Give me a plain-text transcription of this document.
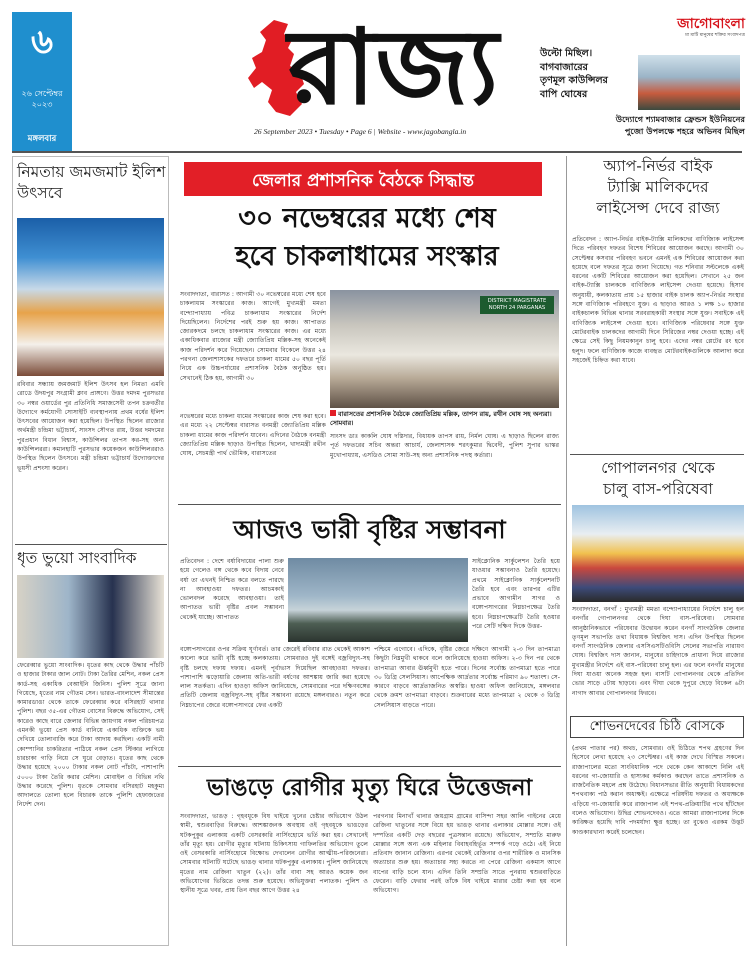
৬
২৬ সেপ্টেম্বর ২০২৩
মঙ্গলবার
রাজ্য
26 September 2023 • Tuesday • Page 6 | Website - www.jagobangla.in
জাগোবাংলা
মা মাটি মানুষের শক্তির সংবাদপত্র
উল্টো মিছিল।
বাগবাজারের
তৃণমূল কাউন্সিলর
বাপি ঘোষের
উদ্যোগে শ্যামবাজার ফ্রেন্ডস ইউনিয়নের
পুজো উপলক্ষে শহরে অভিনব মিছিল
নিমতায় জমজমাট ইলিশ উৎসবে
রবিবার সন্ধ্যায় জমজমাট ইলিশ উৎসব হল নিমতা এমবি রোডে উদয়পুর সংগ্রামী ক্লাব প্রাঙ্গণে। উত্তর দমদম পুরসভার ৩০ নম্বর ওয়ার্ডের পুর প্রতিনিধি সমাজসেবী তপন চক্রবর্তীর উদ্যোগে কর্মযোগী সোসাইটি ব্যবস্থাপনায় প্রথম বর্ষের ইলিশ উৎসবের আয়োজন করা হয়েছিল। উপস্থিত ছিলেন রাজ্যের অর্থমন্ত্রী চন্দ্রিমা ভট্টাচার্য, সাংসদ সৌগত রায়, উত্তর দমদমের পুরপ্রধান বিধান বিশ্বাস, কাউন্সিলর তাপস কর-সহ অন্য কাউন্সিলররা। কমানহাটি পুরসভার কয়েকজন কাউন্সিলররাও উপস্থিত ছিলেন উৎসবে। মন্ত্রী চন্দ্রিমা ভট্টাচার্য উদ্যোক্তাদের ভূয়সী প্রশংসা করেন।
ধৃত ভুয়ো সাংবাদিক
ফেরেব্বার ভুয়ো সাংবাদিক। ধৃতের কাছ থেকে উদ্ধার পাঁচটি ও হাজার টাকার জাল নোট। টাকা তৈরির মেশিন, নকল প্রেস কার্ড-সহ একাধিক বেআইনি জিনিস। পুলিশ সূত্রে জানা গিয়েছে, ধৃতের নাম গৌতম সেন। ভারত-বাংলাদেশ সীমান্তের কামারডাঙা থেকে তাকে ফেরেব্বার করে বসিরহাট থানার পুলিশ। বছর ৩৫-এর গৌতম বোসের বিরুদ্ধে অভিযোগ, সেই কারেও কাছে বারে জেলার বিভিন্ন জায়গায় নকল পরিচয়পত্র এমনকী ভুয়ো প্রেস কার্ড বানিয়ে একাধিক ব্যক্তিকে ভয় দেখিয়ে তোলাবাজি করে টাকা আদায় করছিল। একটি নামী কোম্পানির চাকরিতার পাঠিয়ে নকল প্রেস স্টিকার লাগিয়ে চারচাকা গাড়ি নিয়ে সে ঘুরে বেড়াত। ধৃতের কাছ থেকে উদ্ধার হয়েছে ২০০০ টাকার নকল নোট পাঁচটা, পাশাপাশি ৫০০০ টাকা তৈরি করার মেশিন। মোবাইল ও বিভিন্ন নথি উদ্ধার করেছে পুলিশ। ধৃতকে সোমবার বসিরহাট মহকুমা আদালতে তোলা হলে বিচারক তাকে পুলিশি হেফাজতের নির্দেশ দেন।
জেলার প্রশাসনিক বৈঠকে সিদ্ধান্ত
৩০ নভেম্বরের মধ্যে শেষ
হবে চাকলাধামের সংস্কার
সংবাদদাতা, বারাসত : আগামী ৩০ নভেম্বরের মধ্যে শেষ হবে চাকলাধাম সংস্কারের কাজ। আগেই মুখ্যমন্ত্রী মমতা বন্দ্যোপাধ্যায় পবিত্র চাকলাধাম সংস্কারের নির্দেশ দিয়েছিলেন। নির্দেশের পরই শুরু হয় কাজ। আপাতত জোরকদমে চলছে চাকলাধাম সংস্কারের কাজ। এর মধ্যে একাধিকবার রাজ্যের মন্ত্রী জ্যোতিপ্রিয় মল্লিক-সহ অনেকেই কাজ পরিদর্শন করে গিয়েছেন। সোমবার বিকেলে উত্তর ২৪ পরগনা জেলাশাসকের দফতরে চাকলা ধামের ৫০ বছর পূর্তি নিয়ে এক উচ্চপর্যায়ের প্রশাসনিক বৈঠক অনুষ্ঠিত হয়। সেখানেই ঠিক হয়, আগামী ৩০
DISTRICT MAGISTRATE NORTH 24 PARGANAS
বারাসতের প্রশাসনিক বৈঠকে জ্যোতিপ্রিয় মল্লিক, তাপস রায়, রথীন ঘোষ সহ অন্যরা। সোমবার।
নভেম্বরের মধ্যে চাকলা ধামের সংস্কারের কাজ শেষ করা হবে। এর মধ্যে ২২ সেপ্টেম্বর বারাসত বনমন্ত্রী জ্যোতিপ্রিয় মল্লিক চাকলা ধামের কাজ পরিদর্শন যাবেন। এদিনের বৈঠকে বনমন্ত্রী জ্যোতিপ্রিয় মল্লিক ছাড়াও উপস্থিত ছিলেন, খাদ্যমন্ত্রী রথীন ঘোষ, সেচমন্ত্রী পার্থ ভৌমিক, বারাসতের
সাংসদ ডাঃ কাকলি ঘোষ দস্তিদার, বিধায়ক তাপস রায়, নির্মল ঘোষ। এ ছাড়াও ছিলেন রাজ্য পূর্ত দফতরের সচিব অন্তরা আচার্য, জেলাশাসক শরৎকুমার দ্বিবেদী, পুলিশ সুপার ভাস্কর মুখোপাধ্যায়, এসডিও সোমা সাউ-সহ অন্য প্রশাসনিক পদস্থ কর্তারা।
আজও ভারী বৃষ্টির সম্ভাবনা
প্রতিবেদন : দেশে বর্ষাবিদায়ের পালা শুরু হয়ে গেলেও বঙ্গ থেকে কবে বিদায় নেবে বর্ষা তা এখনই নিশ্চিত করে বলতে পারছে না আবহাওয়া দফতর। আচমকাই ভোলবদল করেছে আবহাওয়া। তাই আপাতত ভারী বৃষ্টির প্রবল সম্ভাবনা থেকেই যাচ্ছে। আপাতত
সাইক্লোনিক সার্কুলেশন তৈরি হয়ে যাওয়ার সম্ভাবনাও তৈরি হয়েছে। প্রথমে সাইক্লোনিক সার্কুলেশনটি তৈরি হবে এবং তারপর এটির প্রভাবে আগামীন সাগর ও বঙ্গোপসাগরের নিম্নচাপক্ষেত্র তৈরি হবে। নিম্নচাপক্ষেত্রটি তৈরি হওয়ার পরে সেটি দক্ষিণ দিকে উত্তর-
বঙ্গোপসাগরের ওপর সক্রিয় ঘূর্ণাবর্ত। তার জেরেই রবিবার রাত থেকেই আকাশ কালো করে ভারী বৃষ্টি হচ্ছে কলকাতায়। সোমবারও দুই বঙ্গেই বজ্রবিদ্যুৎ-সহ বৃষ্টি চলছে দফায় দফায়। এমনই পূর্বাভাস দিয়েছিল আবহাওয়া দফতর। পাশাপাশি ঝড়োয়ারি জেলায় অতি-ভারী বর্ষণের আশঙ্কায় জারি করা হয়েছে লাল সতর্কতা। এদিন হাওড়া অফিস জানিয়েছে, সোমবারের পরে দক্ষিণবঙ্গের প্রতিটি জেলায় বজ্রবিদ্যুৎ-সহ বৃষ্টির সম্ভাবনা রয়েছে মঙ্গলবারও। নতুন করে নিম্নচাপের জেরে বঙ্গোপসাগরে ফের একটি
পশ্চিমে এগোবে। এদিকে, বৃষ্টির জেরে দক্ষিণে আগামী ২-৩ দিন তাপমাত্রা কিছুটা নিম্নমুখী থাকবে বলে জানিয়েছে হাওয়া অফিস। ২-৩ দিন পর থেকে তাপমাত্রা আবার ঊর্ধ্বমুখী হতে পারে। দিনের সর্বোচ্চ তাপমাত্রা হতে পারে ৩০ ডিগ্রি সেলসিয়াস। আপেক্ষিক আর্দ্রতার সর্বোচ্চ পরিমাণ ৯০ শতাংশ। সে-কারণে বাড়বে আর্দ্রতাজনিত অস্বস্তি। হাওয়া অফিস জানিয়েছে, মঙ্গলবার থেকে ক্রমশ তাপমাত্রা বাড়বে। শুক্রবারের মধ্যে তাপমাত্রা ২ থেকে ৩ ডিগ্রি সেলসিয়াস বাড়তে পারে।
ভাঙড়ে রোগীর মৃত্যু ঘিরে উত্তেজনা
সংবাদদাতা, ভাঙড় : গৃহবধূকে বিষ খাইয়ে খুনের চেষ্টার অভিযোগ উঠল স্বামী, শ্বশুরবাড়ির বিরুদ্ধে। আশঙ্কাজনক অবস্থায় ওই গৃহবধূকে ভাঙড়ের ঘটকপুকুর এলাকায় একটি বেসরকারি নার্সিংহোমে ভর্তি করা হয়। সেখানেই তাঁর মৃত্যু হয়। রোগীর মৃত্যুর ঘটনায় চিকিৎসায় গাফিলতির অভিযোগ তুলে ওই বেসরকারি নার্সিংহোমে বিক্ষোভ দেখালেন রোগীর আত্মীয়-পরিজনেরা। সোমবার ঘটনাটি ঘটেছে ভাঙড় থানার ঘটকপুকুর এলাকায়। পুলিশ জানিয়েছে মৃতের নাম রেজিনা খাতুন (২২)। তাঁর বাবা সহ আরও কয়েক জন অভিযোগের ভিত্তিতে তদন্ত শুরু হয়েছে। অভিযুক্তরা পলাতক। পুলিশ ও স্থানীয় সূত্রে খবর, প্রায় তিন বছর আগে উত্তর ২৪
পরগনার মিনাখাঁ থানার জয়গ্রাম গ্রামের বাসিন্দা সহর আলি গাইনের মেয়ে রেজিনা খাতুনের সঙ্গে বিয়ে হয় ভাঙড় থানার এলাকার মোল্লার সঙ্গে। ওই দম্পতির একটি দেড় বছরের পুত্রসন্তান রয়েছে। অভিযোগ, সম্প্রতি মারুফ মোল্লার সঙ্গে অন্য এক মহিলার বিবাহবহির্ভূত সম্পর্ক গড়ে ওঠে। এই নিয়ে প্রতিবাদ জানান রেজিনা। এরপর থেকেই রেজিনার ওপর শারীরিক ও মানসিক অত্যাচার শুরু হয়। অত্যাচার সহ্য করতে না পেরে রেজিনা একমাস আগে বাপের বাড়ি চলে যান। এদিন তিনি সম্প্রতি সাতে পুনরায় শ্বশুরবাড়িতে ফেরেন। বাড়ি ফেরার পরই তাঁকে বিষ খাইয়ে মারার চেষ্টা করা হয় বলে অভিযোগ।
অ্যাপ-নির্ভর বাইক
ট্যাক্সি মালিকদের
লাইসেন্স দেবে রাজ্য
প্রতিবেদন : অ্যাপ-নির্ভর বাইক-ট্যাক্সি মালিকদের বাণিজ্যিক লাইসেন্স দিতে পরিবহণ দফতর বিশেষ শিবিরের আয়োজন করছে। আগামী ৩০ সেপ্টেম্বর কসবার পরিবহণ ভবনে এমনই এক শিবিরের আয়োজন করা হয়েছে বলে দফতর সূত্রে জানা গিয়েছে। গত শনিবার সল্টলেকে একই ধরনের একটি শিবিরের আয়োজন করা হয়েছিল। সেখানে ২৫ জন বাইক-ট্যাক্সি চালককে বাণিজ্যিক লাইসেন্স দেওয়া হয়েছে। হিসাব অনুযায়ী, কলকাতায় প্রায় ১৫ হাজার বাইক চালক অ্যাপ-নির্ভর সংস্থার সঙ্গে বাণিজ্যিক পরিবহণে যুক্ত। এ ছাড়াও আরও ১ লক্ষ ১০ হাজার বাইকচালক বিভিন্ন থানার সরবরাহকারী সংস্থার সঙ্গে যুক্ত। সবাইকে এই বাণিজ্যিক লাইসেন্স দেওয়া হবে। বাণিজ্যিক পরিষেবার সঙ্গে যুক্ত মোটরবাইক চালকদের আগামী দিনে সিরিজের নম্বর দেওয়া হচ্ছে। এই ক্ষেত্রে সেই কিছু নিয়মকানুন চালু হবে। এদের নম্বর প্লেটের রং হবে হলুদ। ফলে বাণিজ্যিক কাজে ব্যবহৃত মোটরবাইকগুলিকে আলাদা করে সহজেই চিহ্নিত করা যাবে।
গোপালনগর থেকে
চালু বাস-পরিষেবা
সংবাদদাতা, বনগাঁ : মুখ্যমন্ত্রী মমতা বন্দ্যোপাধ্যায়ের নির্দেশে চালু হল বনগাঁর গোপালনগর থেকে দিঘা বাস-পরিষেবা। সোমবার আনুষ্ঠানিকভাবে পরিষেবার উদ্বোধন করেন বনগাঁ সাংগঠনিক জেলার তৃণমূল সভাপতি তথা বিধায়ক বিশ্বজিৎ দাস। এদিন উপস্থিত ছিলেন বনগাঁ সাংগঠনিক জেলার এসসিএসটিওবিসি সেলের সভাপতি নারায়ণ ঘোষ। বিশ্বজিৎ দাস জানান, মানুষের চাহিদাকে প্রাধান্য দিয়ে রাজ্যের মুখ্যমন্ত্রীর নির্দেশে এই বাস-পরিষেবা চালু হল। এর ফলে বনগাঁর মানুষের দিঘা যাওয়া অনেক সহজ হল। বাসটি গোপালনগর থেকে প্রতিদিন ভোর সাড়ে ৫টায় ছাড়বে। এবং দীঘা থেকে দুপুরে ছেড়ে বিকেল ৬টা নাগাদ আবার গোপালনগর ফিরবে।
শোভনদেবের চিঠি বোসকে
(প্রথম পাতার পর) অথচ, সোমবার। ওই চিঠিতে শপথ গ্রহণের দিন হিসেবে লেখা হয়েছে ২৩ সেপ্টেম্বর। এই কাজ দেখে বিস্মিত সকলে। রাজ্যপালের মতো সাংবিধানিক পদে থেকে কেন আকাশে নিলি এই ধরনের গা-জোয়ারি ও হাস্যকর কর্মকাণ্ড করছেন তাতে প্রশাসনিক ও রাজনৈতিক মহলে প্রশ্ন উঠেছে। বিধানসভার রীতি অনুযায়ী বিধায়কদের শপথবাক্য পাঠ করান অধ্যক্ষই। এক্ষেত্রে পরিষদীয় দফতর ও অধ্যক্ষকে এড়িয়ে গা-জোয়ারি করে রাজ্যপাল এই শপথ-প্রক্রিয়াটির পথে হাঁটছেন বলেও অভিযোগ। উদ্বিগ্ন শোভনদেবও। এতে আমরা রাজ্যপালের দিকে কাঙ্ক্ষিত হয়েছি দাবি পদমর্যাদা ক্ষুণ্ণ হচ্ছে। তা বুঝেও এরকম উদ্ভট কাণ্ডকারখানা করেই চলেছেন।
